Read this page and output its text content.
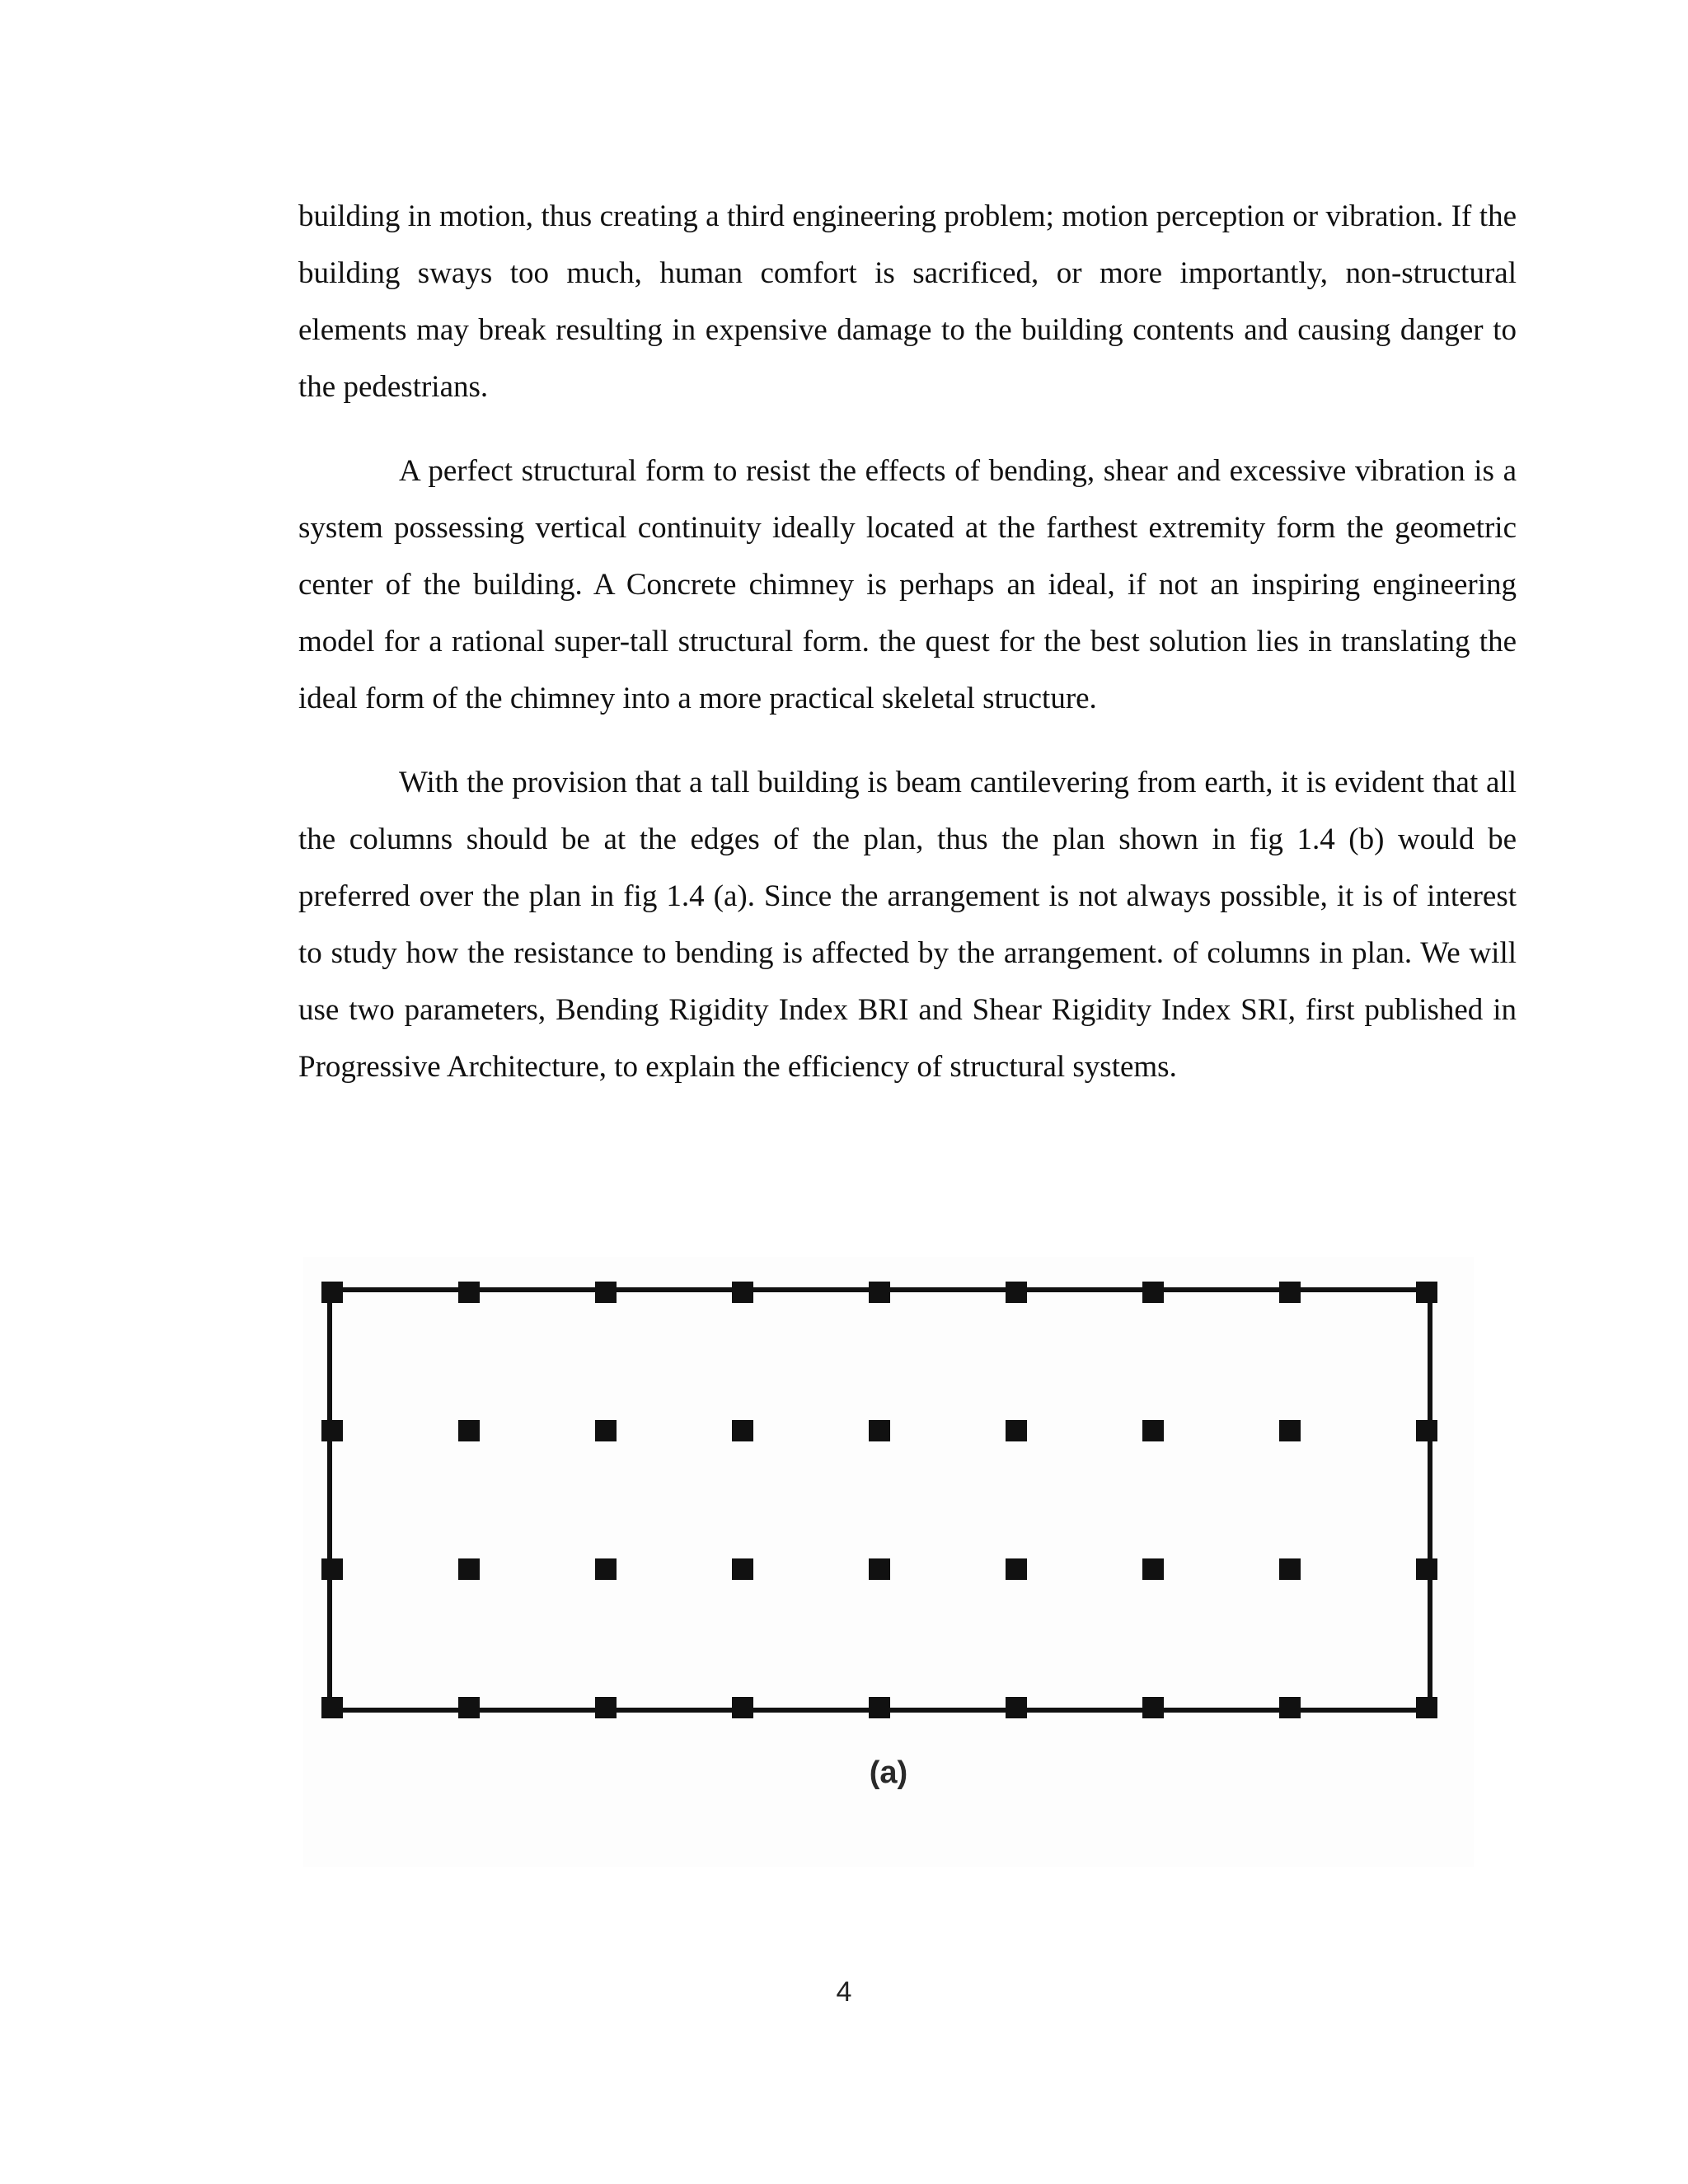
building in motion, thus creating a third engineering problem; motion perception or vibration. If the building sways too much, human comfort is sacrificed, or more importantly, non-structural elements may break resulting in expensive damage to the building contents and causing danger to the pedestrians.

A perfect structural form to resist the effects of bending, shear and excessive vibration is a system possessing vertical continuity ideally located at the farthest extremity form the geometric center of the building. A Concrete chimney is perhaps an ideal, if not an inspiring engineering model for a rational super-tall structural form. the quest for the best solution lies in translating the ideal form of the chimney into a more practical skeletal structure.

With the provision that a tall building is beam cantilevering from earth, it is evident that all the columns should be at the edges of the plan, thus the plan shown in fig 1.4 (b) would be preferred over the plan in fig 1.4 (a). Since the arrangement is not always possible, it is of interest to study how the resistance to bending is affected by the arrangement. of columns in plan. We will use two parameters, Bending Rigidity Index BRI and Shear Rigidity Index SRI, first published in Progressive Architecture, to explain the efficiency of structural systems.

(a)
4
